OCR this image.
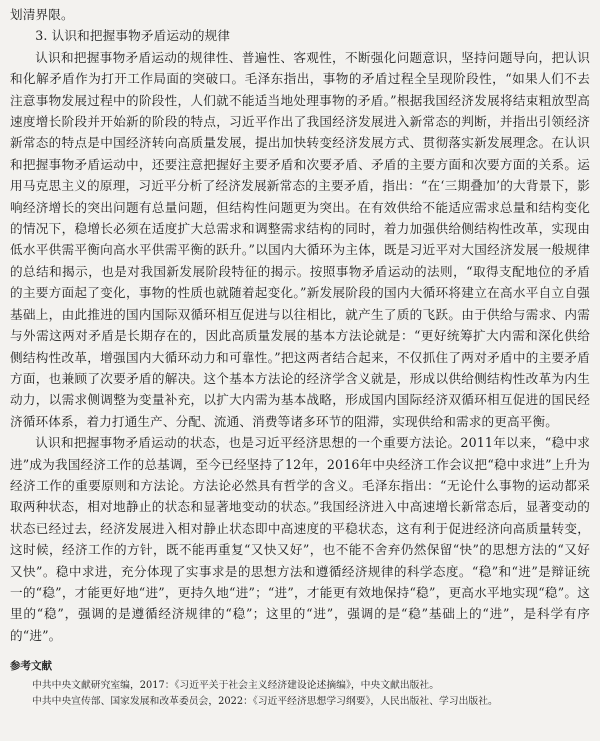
划清界限。

3. 认识和把握事物矛盾运动的规律

认识和把握事物矛盾运动的规律性、普遍性、客观性，不断强化问题意识，坚持问题导向，把认识和化解矛盾作为打开工作局面的突破口。毛泽东指出，事物的矛盾过程全呈现阶段性，“如果人们不去注意事物发展过程中的阶段性，人们就不能适当地处理事物的矛盾。”根据我国经济发展将结束粗放型高速度增长阶段并开始新的阶段的特点，习近平作出了我国经济发展进入新常态的判断，并指出引领经济新常态的特点是中国经济转向高质量发展，提出加快转变经济发展方式、贯彻落实新发展理念。在认识和把握事物矛盾运动中，还要注意把握好主要矛盾和次要矛盾、矛盾的主要方面和次要方面的关系。运用马克思主义的原理，习近平分析了经济发展新常态的主要矛盾，指出：“在‘三期叠加’的大背景下，影响经济增长的突出问题有总量问题，但结构性问题更为突出。在有效供给不能适应需求总量和结构变化的情况下，稳增长必须在适度扩大总需求和调整需求结构的同时，着力加强供给侧结构性改革，实现由低水平供需平衡向高水平供需平衡的跃升。”以国内大循环为主体，既是习近平对大国经济发展一般规律的总结和揭示，也是对我国新发展阶段特征的揭示。按照事物矛盾运动的法则，“取得支配地位的矛盾的主要方面起了变化，事物的性质也就随着起变化。”新发展阶段的国内大循环将建立在高水平自立自强基础上，由此推进的国内国际双循环相互促进与以往相比，就产生了质的飞跃。由于供给与需求、内需与外需这两对矛盾是长期存在的，因此高质量发展的基本方法论就是：“更好统筹扩大内需和深化供给侧结构性改革，增强国内大循环动力和可靠性。”把这两者结合起来，不仅抓住了两对矛盾中的主要矛盾方面，也兼顾了次要矛盾的解决。这个基本方法论的经济学含义就是，形成以供给侧结构性改革为内生动力，以需求侧调整为变量补充，以扩大内需为基本战略，形成国内国际经济双循环相互促进的国民经济循环体系，着力打通生产、分配、流通、消费等诸多环节的阻滞，实现供给和需求的更高平衡。

认识和把握事物矛盾运动的状态，也是习近平经济思想的一个重要方法论。2011年以来，“稳中求进”成为我国经济工作的总基调，至今已经坚持了12年，2016年中央经济工作会议把“稳中求进”上升为经济工作的重要原则和方法论。方法论必然具有哲学的含义。毛泽东指出：“无论什么事物的运动都采取两种状态，相对地静止的状态和显著地变动的状态。”我国经济进入中高速增长新常态后，显著变动的状态已经过去，经济发展进入相对静止状态即中高速度的平稳状态，这有利于促进经济向高质量转变，这时候，经济工作的方针，既不能再重复“又快又好”，也不能不舍弃仍然保留“快”的思想方法的“又好又快”。稳中求进，充分体现了实事求是的思想方法和遵循经济规律的科学态度。“稳”和“进”是辩证统一的“稳”，才能更好地“进”，更持久地“进”；“进”，才能更有效地保持“稳”，更高水平地实现“稳”。这里的“稳”，强调的是遵循经济规律的“稳”；这里的“进”，强调的是“稳”基础上的“进”，是科学有序的“进”。

参考文献
中共中央文献研究室编，2017：《习近平关于社会主义经济建设论述摘编》，中央文献出版社。
中共中央宣传部、国家发展和改革委员会，2022：《习近平经济思想学习纲要》，人民出版社、学习出版社。
